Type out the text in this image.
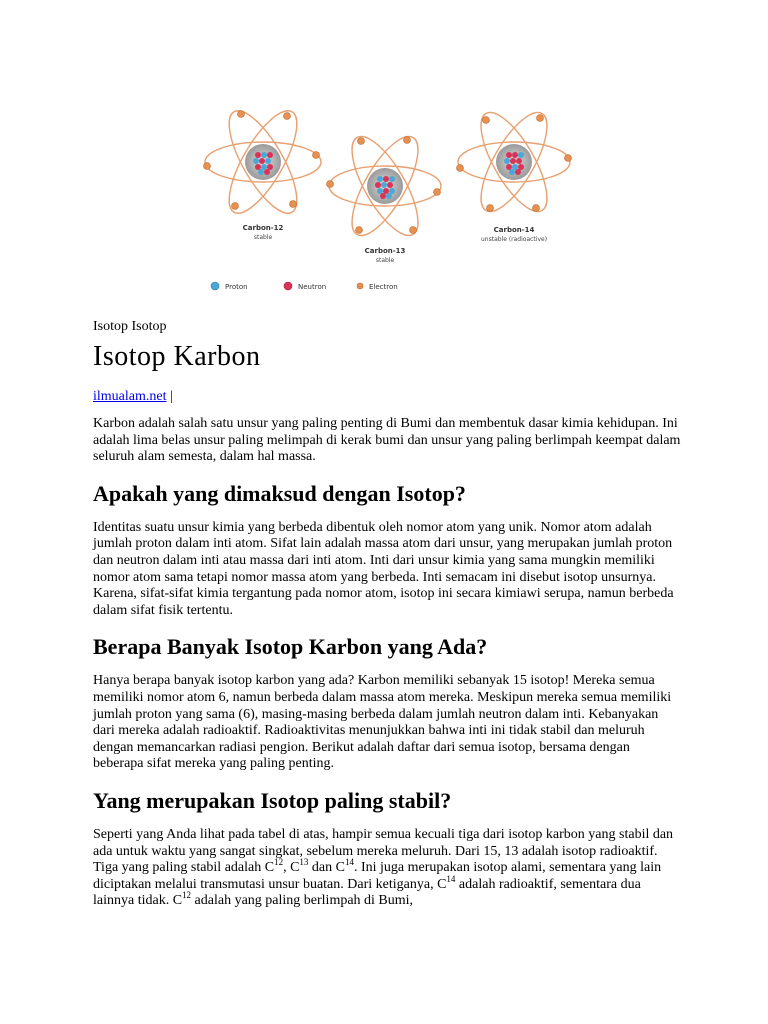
Carbon-12
stable
Carbon-13
stable
Carbon-14
unstable (radioactive)
Proton	Neutron	Electron
Isotop Isotop
Isotop Karbon
ilmualam.net |

Karbon adalah salah satu unsur yang paling penting di Bumi dan membentuk dasar kimia kehidupan. Ini adalah lima belas unsur paling melimpah di kerak bumi dan unsur yang paling berlimpah keempat dalam seluruh alam semesta, dalam hal massa.

Apakah yang dimaksud dengan Isotop?

Identitas suatu unsur kimia yang berbeda dibentuk oleh nomor atom yang unik. Nomor atom adalah jumlah proton dalam inti atom. Sifat lain adalah massa atom dari unsur, yang merupakan jumlah proton dan neutron dalam inti atau massa dari inti atom. Inti dari unsur kimia yang sama mungkin memiliki nomor atom sama tetapi nomor massa atom yang berbeda. Inti semacam ini disebut isotop unsurnya. Karena, sifat-sifat kimia tergantung pada nomor atom, isotop ini secara kimiawi serupa, namun berbeda dalam sifat fisik tertentu.

Berapa Banyak Isotop Karbon yang Ada?

Hanya berapa banyak isotop karbon yang ada? Karbon memiliki sebanyak 15 isotop! Mereka semua memiliki nomor atom 6, namun berbeda dalam massa atom mereka. Meskipun mereka semua memiliki jumlah proton yang sama (6), masing-masing berbeda dalam jumlah neutron dalam inti. Kebanyakan dari mereka adalah radioaktif. Radioaktivitas menunjukkan bahwa inti ini tidak stabil dan meluruh dengan memancarkan radiasi pengion. Berikut adalah daftar dari semua isotop, bersama dengan beberapa sifat mereka yang paling penting.

Yang merupakan Isotop paling stabil?

Seperti yang Anda lihat pada tabel di atas, hampir semua kecuali tiga dari isotop karbon yang stabil dan ada untuk waktu yang sangat singkat, sebelum mereka meluruh. Dari 15, 13 adalah isotop radioaktif. Tiga yang paling stabil adalah $C^{12}$, $C^{13}$ dan $C^{14}$. Ini juga merupakan isotop alami, sementara yang lain diciptakan melalui transmutasi unsur buatan. Dari ketiganya, $C^{14}$ adalah radioaktif, sementara dua lainnya tidak. $C^{12}$ adalah yang paling berlimpah di Bumi,
